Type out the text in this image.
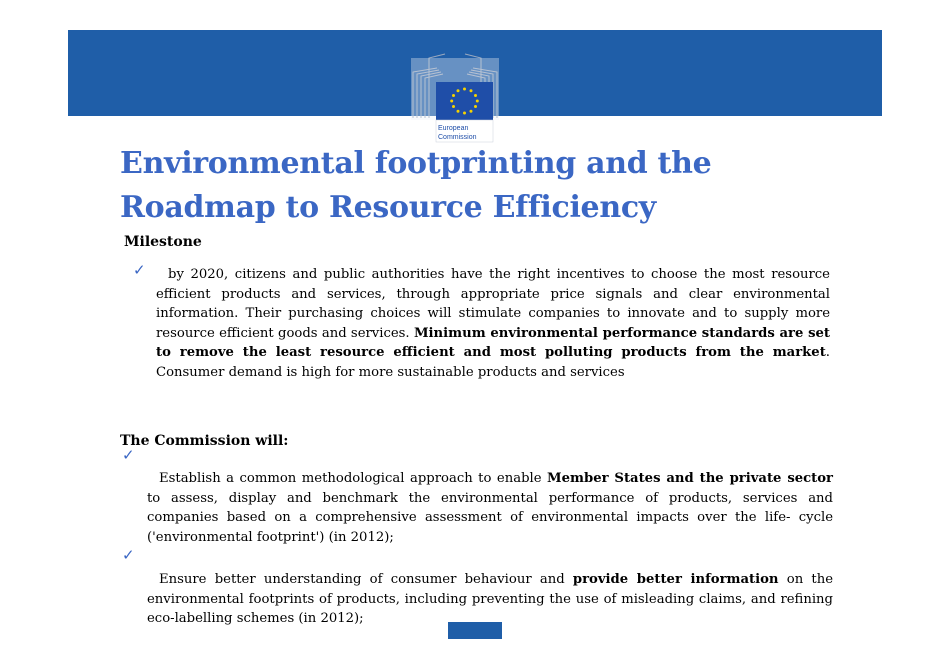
European
Commission
Environmental footprinting and the
Roadmap to Resource Efficiency
Milestone
✓	by 2020, citizens and public authorities have the right incentives to choose the most resource efficient products and services, through appropriate price signals and clear environmental information. Their purchasing choices will stimulate companies to innovate and to supply more resource efficient goods and services. Minimum environmental performance standards are set to remove the least resource efficient and most polluting products from the market. Consumer demand is high for more sustainable products and services
The Commission will:
✓
Establish a common methodological approach to enable Member States and the private sector to assess, display and benchmark the environmental performance of products, services and companies based on a comprehensive assessment of environmental impacts over the life- cycle ('environmental footprint') (in 2012);
✓
Ensure better understanding of consumer behaviour and provide better information on the environmental footprints of products, including preventing the use of misleading claims, and refining eco-labelling schemes (in 2012);
